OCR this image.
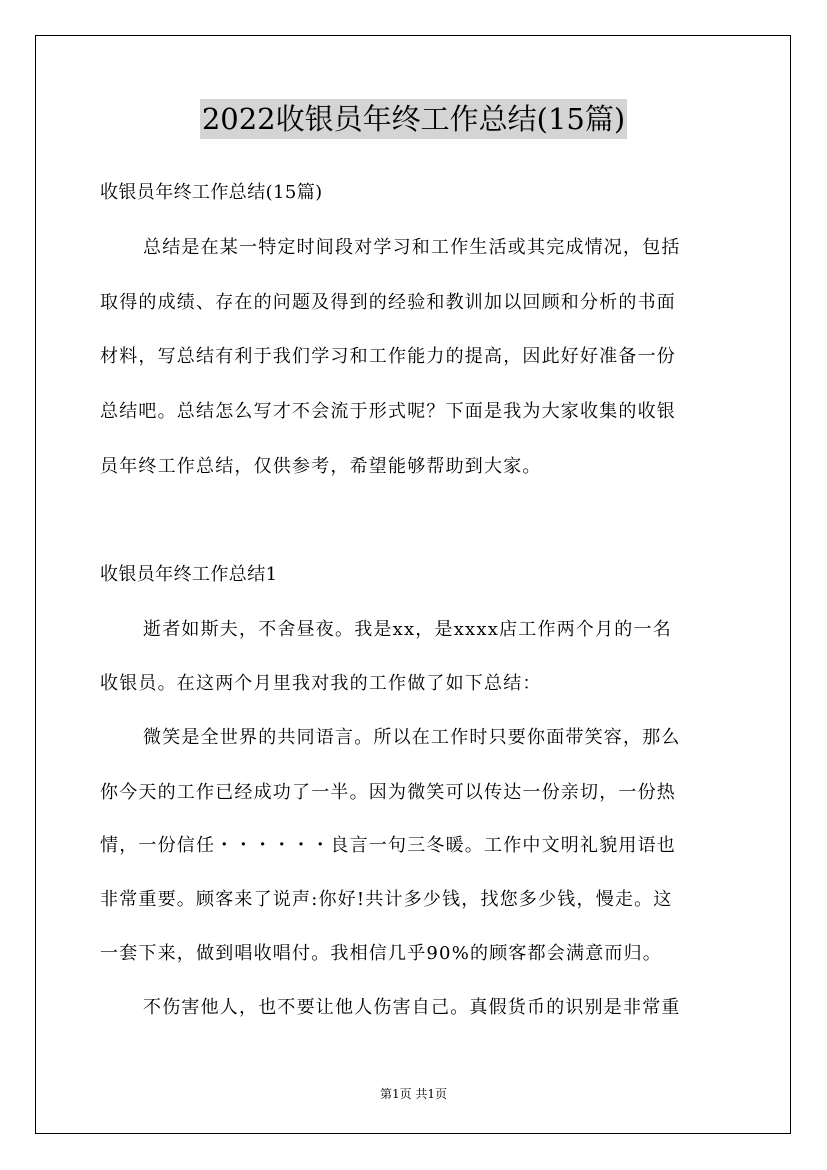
2022收银员年终工作总结(15篇)
收银员年终工作总结(15篇)
总结是在某一特定时间段对学习和工作生活或其完成情况，包括
取得的成绩、存在的问题及得到的经验和教训加以回顾和分析的书面
材料，写总结有利于我们学习和工作能力的提高，因此好好准备一份
总结吧。总结怎么写才不会流于形式呢？下面是我为大家收集的收银
员年终工作总结，仅供参考，希望能够帮助到大家。
收银员年终工作总结1
逝者如斯夫，不舍昼夜。我是xx，是xxxx店工作两个月的一名
收银员。在这两个月里我对我的工作做了如下总结：
微笑是全世界的共同语言。所以在工作时只要你面带笑容，那么
你今天的工作已经成功了一半。因为微笑可以传达一份亲切，一份热
情，一份信任・・・・・・良言一句三冬暖。工作中文明礼貌用语也
非常重要。顾客来了说声:你好!共计多少钱，找您多少钱，慢走。这
一套下来，做到唱收唱付。我相信几乎90%的顾客都会满意而归。
不伤害他人，也不要让他人伤害自己。真假货币的识别是非常重
第1页 共1页
